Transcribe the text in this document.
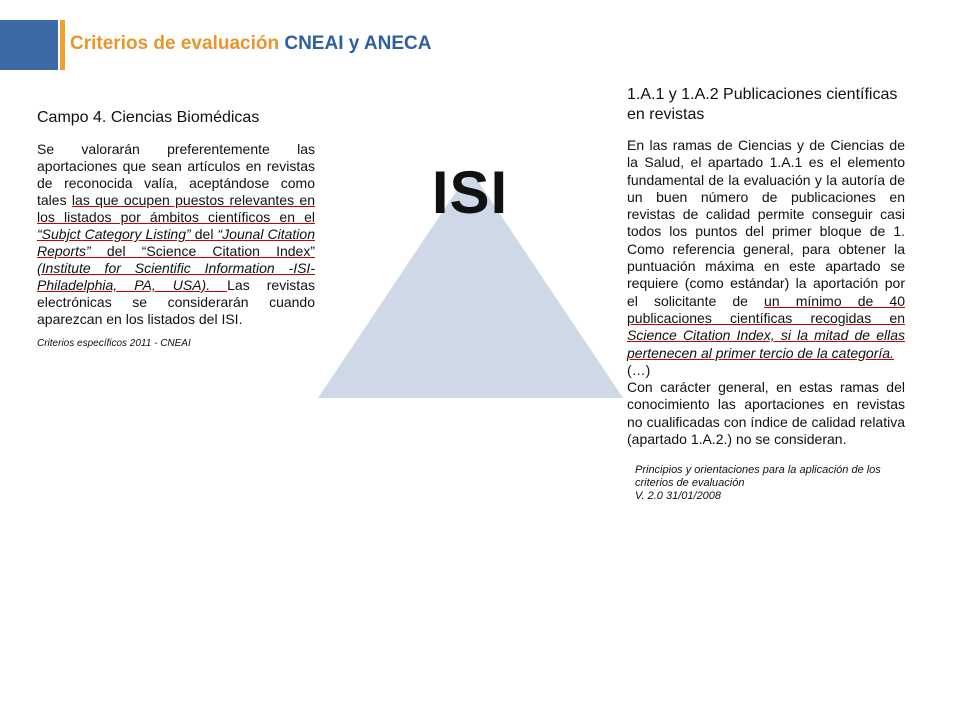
Criterios de evaluación CNEAI y ANECA
ISI
Campo 4. Ciencias Biomédicas

Se valorarán preferentemente las aportaciones que sean artículos en revistas de reconocida valía, aceptándose como tales las que ocupen puestos relevantes en los listados por ámbitos científicos en el “Subjct Category Listing” del “Jounal Citation Reports” del “Science Citation Index” (Institute for Scientific Information -ISI- Philadelphia, PA, USA). Las revistas electrónicas se considerarán cuando aparezcan en los listados del ISI.

Criterios específicos 2011 - CNEAI
1.A.1 y 1.A.2 Publicaciones científicas en revistas

En las ramas de Ciencias y de Ciencias de la Salud, el apartado 1.A.1 es el elemento fundamental de la evaluación y la autoría de un buen número de publicaciones en revistas de calidad permite conseguir casi todos los puntos del primer bloque de 1. Como referencia general, para obtener la puntuación máxima en este apartado se requiere (como estándar) la aportación por el solicitante de un mínimo de 40 publicaciones científicas recogidas en Science Citation Index, si la mitad de ellas pertenecen al primer tercio de la categoría.

(…)

Con carácter general, en estas ramas del conocimiento las aportaciones en revistas no cualificadas con índice de calidad relativa (apartado 1.A.2.) no se consideran.

Principios y orientaciones para la aplicación de los criterios de evaluación
V. 2.0 31/01/2008
